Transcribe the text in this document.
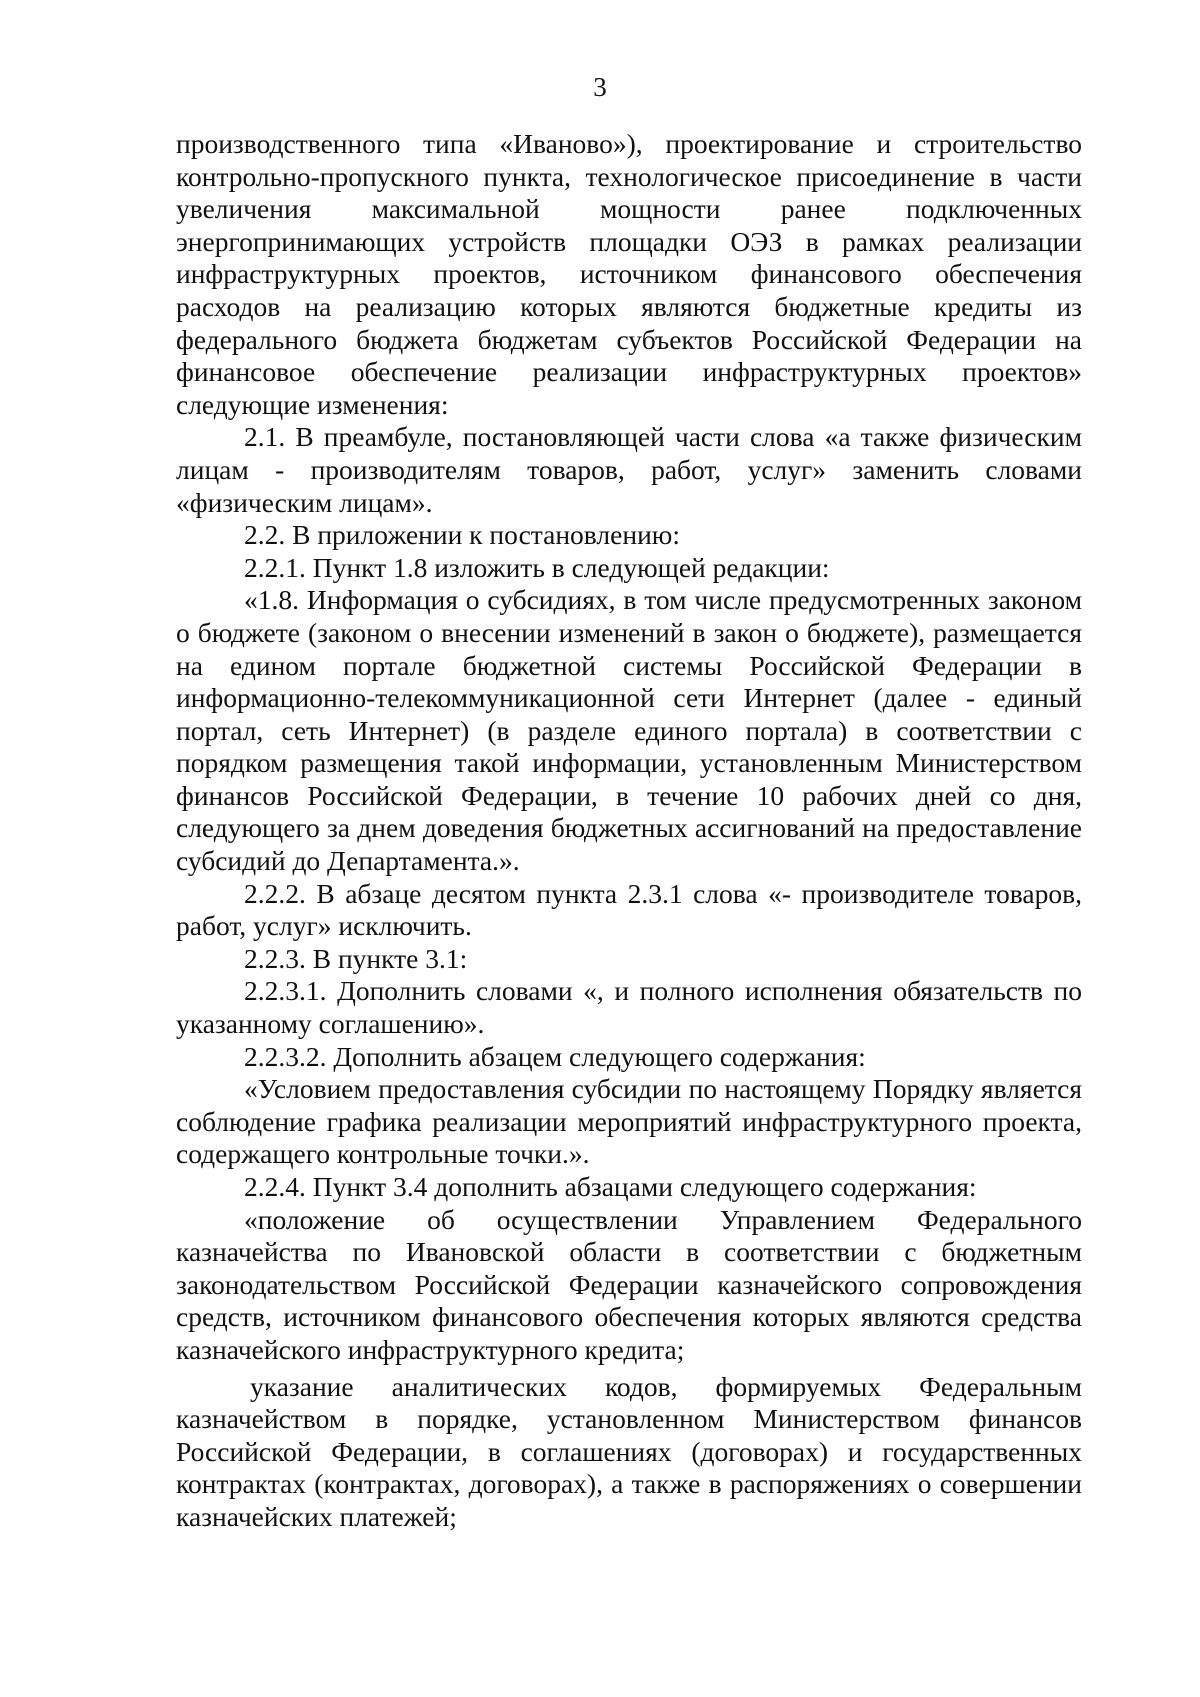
3

производственного типа «Иваново»), проектирование и строительство контрольно-пропускного пункта, технологическое присоединение в части увеличения максимальной мощности ранее подключенных энергопринимающих устройств площадки ОЭЗ в рамках реализации инфраструктурных проектов, источником финансового обеспечения расходов на реализацию которых являются бюджетные кредиты из федерального бюджета бюджетам субъектов Российской Федерации на финансовое обеспечение реализации инфраструктурных проектов» следующие изменения:

2.1. В преамбуле, постановляющей части слова «а также физическим лицам - производителям товаров, работ, услуг» заменить словами «физическим лицам».

2.2. В приложении к постановлению:

2.2.1. Пункт 1.8 изложить в следующей редакции:

«1.8. Информация о субсидиях, в том числе предусмотренных законом о бюджете (законом о внесении изменений в закон о бюджете), размещается на едином портале бюджетной системы Российской Федерации в информационно-телекоммуникационной сети Интернет (далее - единый портал, сеть Интернет) (в разделе единого портала) в соответствии с порядком размещения такой информации, установленным Министерством финансов Российской Федерации, в течение 10 рабочих дней со дня, следующего за днем доведения бюджетных ассигнований на предоставление субсидий до Департамента.».

2.2.2. В абзаце десятом пункта 2.3.1 слова «- производителе товаров, работ, услуг» исключить.

2.2.3. В пункте 3.1:

2.2.3.1. Дополнить словами «, и полного исполнения обязательств по указанному соглашению».

2.2.3.2. Дополнить абзацем следующего содержания:

«Условием предоставления субсидии по настоящему Порядку является соблюдение графика реализации мероприятий инфраструктурного проекта, содержащего контрольные точки.».

2.2.4. Пункт 3.4 дополнить абзацами следующего содержания:

«положение об осуществлении Управлением Федерального казначейства по Ивановской области в соответствии с бюджетным законодательством Российской Федерации казначейского сопровождения средств, источником финансового обеспечения которых являются средства казначейского инфраструктурного кредита;

указание аналитических кодов, формируемых Федеральным казначейством в порядке, установленном Министерством финансов Российской Федерации, в соглашениях (договорах) и государственных контрактах (контрактах, договорах), а также в распоряжениях о совершении казначейских платежей;
